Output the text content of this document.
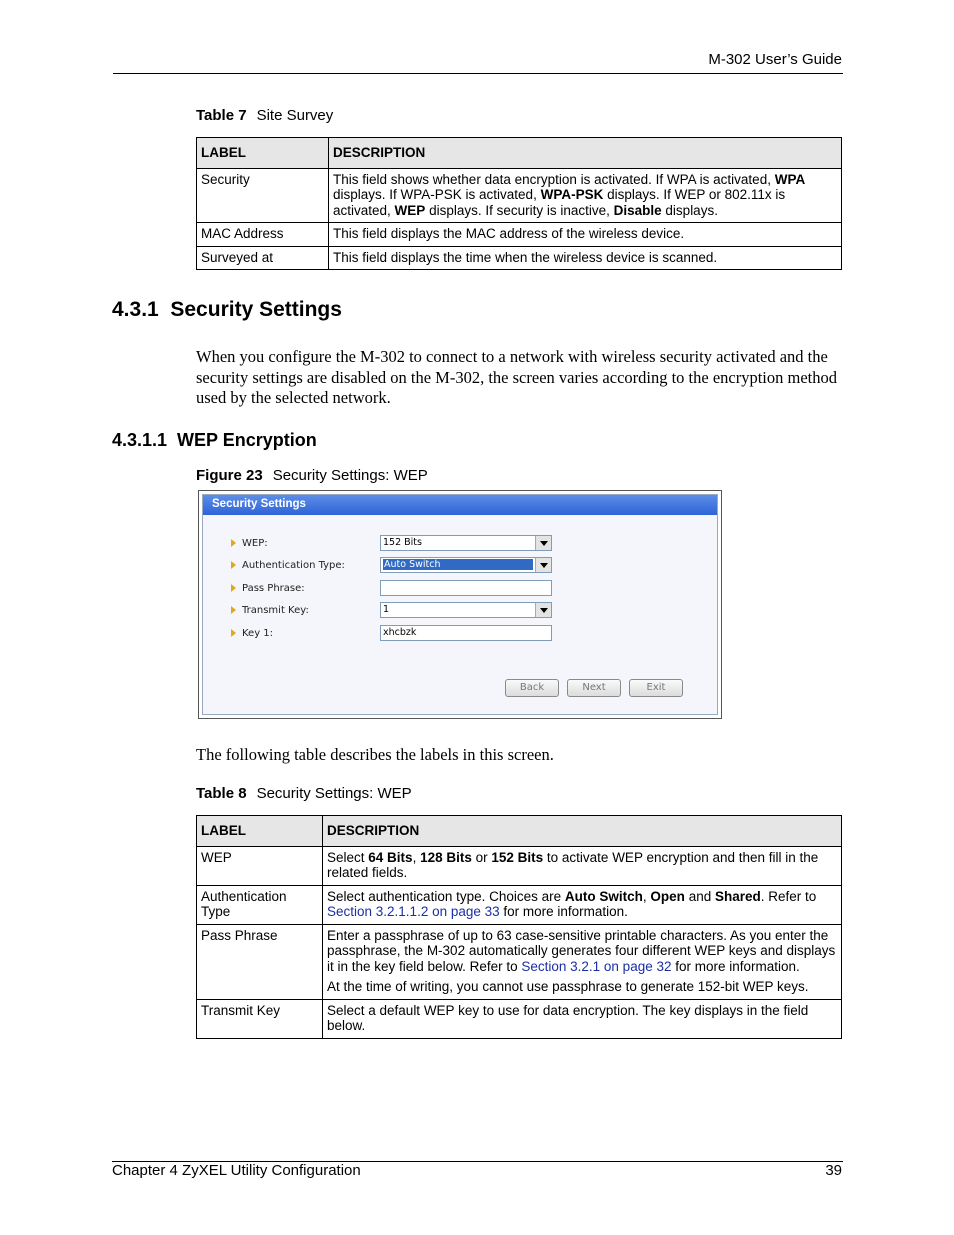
M-302 User’s Guide
Table 7 Site Survey
LABEL	DESCRIPTION
Security	This field shows whether data encryption is activated. If WPA is activated, WPA displays. If WPA-PSK is activated, WPA-PSK displays. If WEP or 802.11x is activated, WEP displays. If security is inactive, Disable displays.
MAC Address	This field displays the MAC address of the wireless device.
Surveyed at	This field displays the time when the wireless device is scanned.
4.3.1  Security Settings

When you configure the M-302 to connect to a network with wireless security activated and the security settings are disabled on the M-302, the screen varies according to the encryption method used by the selected network.

4.3.1.1  WEP Encryption
Figure 23 Security Settings: WEP
Security Settings
WEP:	152 Bits
Authentication Type:	Auto Switch
Pass Phrase:
Transmit Key:	1
Key 1:	xhcbzk
Back	Next	Exit

The following table describes the labels in this screen.

Table 8 Security Settings: WEP
LABEL	DESCRIPTION
WEP	Select 64 Bits, 128 Bits or 152 Bits to activate WEP encryption and then fill in the related fields.
Authentication Type	Select authentication type. Choices are Auto Switch, Open and Shared. Refer to Section 3.2.1.1.2 on page 33 for more information.
Pass Phrase	Enter a passphrase of up to 63 case-sensitive printable characters. As you enter the passphrase, the M-302 automatically generates four different WEP keys and displays it in the key field below. Refer to Section 3.2.1 on page 32 for more information.
At the time of writing, you cannot use passphrase to generate 152-bit WEP keys.

Transmit Key	Select a default WEP key to use for data encryption. The key displays in the field below.
Chapter 4 ZyXEL Utility Configuration	39
